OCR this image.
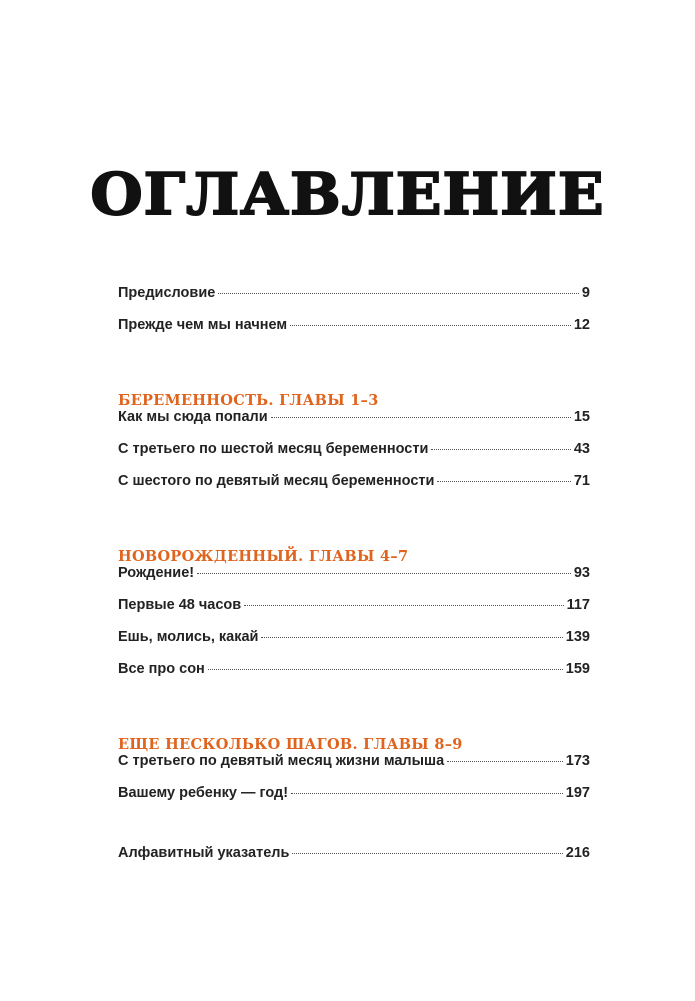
ОГЛАВЛЕНИЕ
Предисловие	9
Прежде чем мы начнем	12
БЕРЕМЕННОСТЬ. ГЛАВЫ 1–3
Как мы сюда попали	15
С третьего по шестой месяц беременности	43
С шестого по девятый месяц беременности	71
НОВОРОЖДЕННЫЙ. ГЛАВЫ 4–7
Рождение!	93
Первые 48 часов	117
Ешь, молись, какай	139
Все про сон	159
ЕЩЕ НЕСКОЛЬКО ШАГОВ. ГЛАВЫ 8–9
С третьего по девятый месяц жизни малыша	173
Вашему ребенку — год!	197
Алфавитный указатель	216
